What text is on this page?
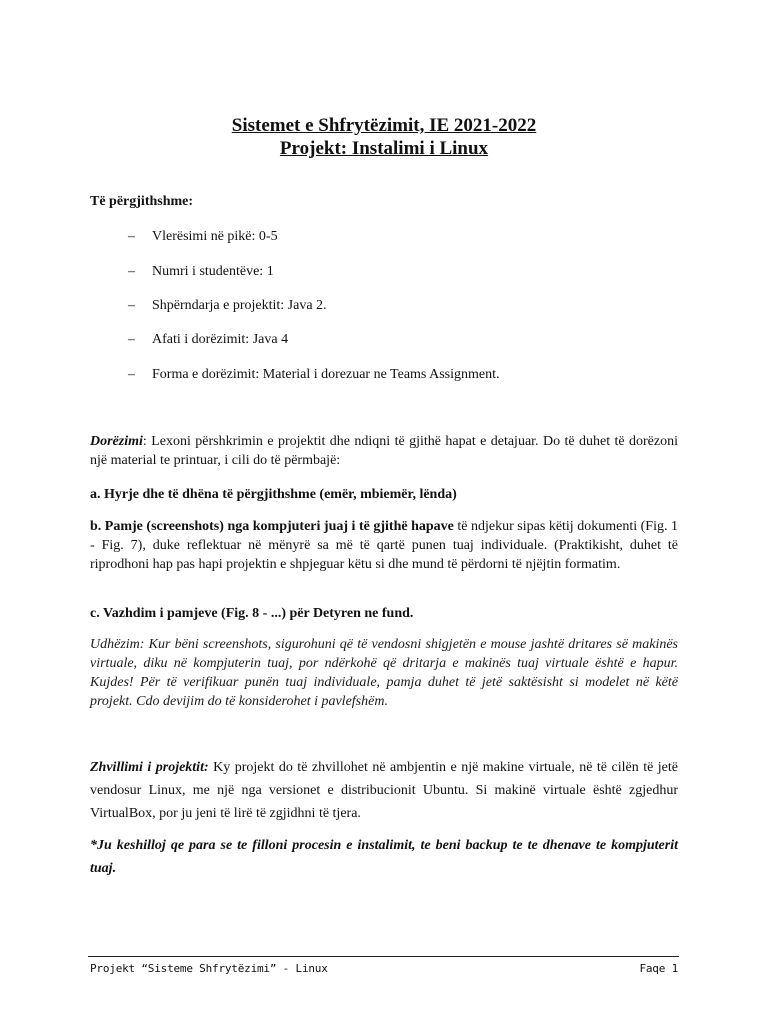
Sistemet e Shfrytëzimit, IE 2021-2022
Projekt: Instalimi i Linux
Të përgjithshme:
– Vlerësimi në pikë: 0-5
– Numri i studentëve: 1
– Shpërndarja e projektit: Java 2.
– Afati i dorëzimit: Java 4
– Forma e dorëzimit: Material i dorezuar ne Teams Assignment.
Dorëzimi: Lexoni përshkrimin e projektit dhe ndiqni të gjithë hapat e detajuar. Do të duhet të dorëzoni një material te printuar, i cili do të përmbajë:
a. Hyrje dhe të dhëna të përgjithshme (emër, mbiemër, lënda)
b. Pamje (screenshots) nga kompjuteri juaj i të gjithë hapave të ndjekur sipas këtij dokumenti (Fig. 1 - Fig. 7), duke reflektuar në mënyrë sa më të qartë punen tuaj individuale. (Praktikisht, duhet të riprodhoni hap pas hapi projektin e shpjeguar këtu si dhe mund të përdorni të njëjtin formatim.
c. Vazhdim i pamjeve (Fig. 8 - ...) për Detyren ne fund.
Udhëzim: Kur bëni screenshots, sigurohuni që të vendosni shigjetën e mouse jashtë dritares së makinës virtuale, diku në kompjuterin tuaj, por ndërkohë që dritarja e makinës tuaj virtuale është e hapur. Kujdes! Për të verifikuar punën tuaj individuale, pamja duhet të jetë saktësisht si modelet në këtë projekt. Cdo devijim do të konsiderohet i pavlefshëm.
Zhvillimi i projektit: Ky projekt do të zhvillohet në ambjentin e një makine virtuale, në të cilën të jetë vendosur Linux, me një nga versionet e distribucionit Ubuntu. Si makinë virtuale është zgjedhur VirtualBox, por ju jeni të lirë të zgjidhni të tjera.
*Ju keshilloj qe para se te filloni procesin e instalimit, te beni backup te te dhenave te kompjuterit tuaj.
Projekt “Sisteme Shfrytëzimi” - Linux	Faqe 1
